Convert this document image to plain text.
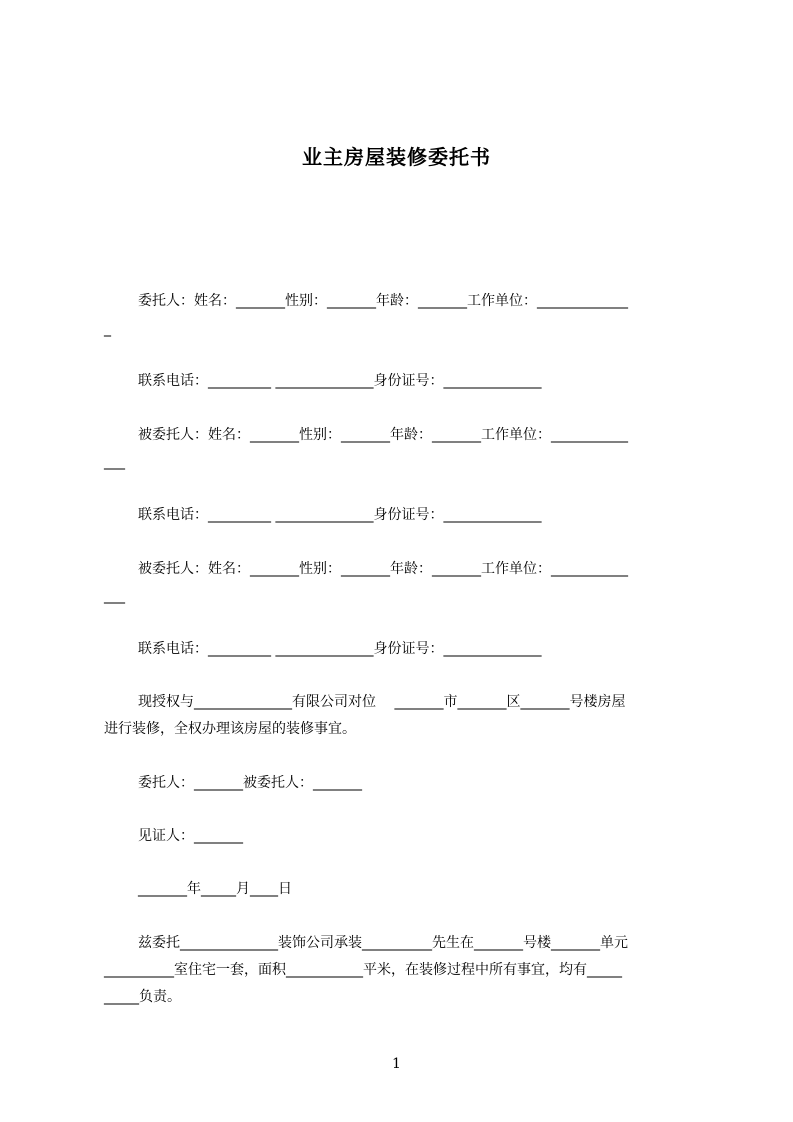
业主房屋装修委托书
委托人：姓名：_______性别：_______年龄：_______工作单位：_____________
_
联系电话：_________ ______________身份证号：______________
被委托人：姓名：_______性别：_______年龄：_______工作单位：___________
___
联系电话：_________ ______________身份证号：______________
被委托人：姓名：_______性别：_______年龄：_______工作单位：___________
___
联系电话：_________ ______________身份证号：______________
现授权与______________有限公司对位　 _______市_______区_______号楼房屋
进行装修，全权办理该房屋的装修事宜。
委托人：_______被委托人：_______
见证人：_______
_______年_____月____日
兹委托______________装饰公司承装__________先生在_______号楼_______单元
__________室住宅一套，面积___________平米，在装修过程中所有事宜，均有_____
_____负责。
1
